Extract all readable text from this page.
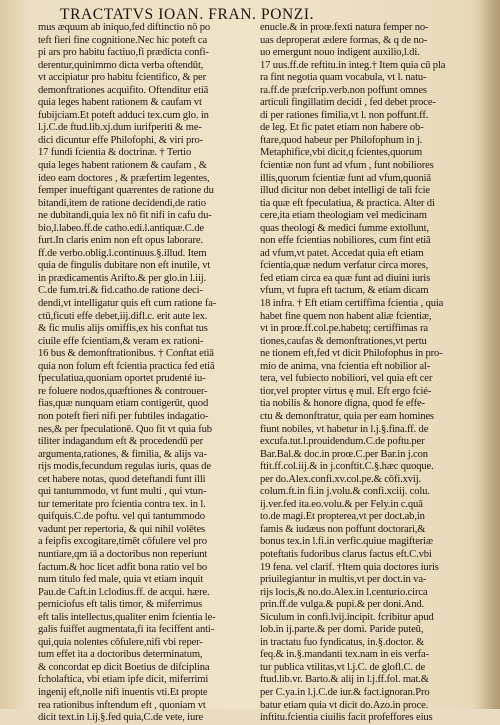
TRACTATVS IOAN. FRAN. PONZI.
mus æquum ab iniquo,fed diftinctio nō po
teft fieri fine cognitione.Nec hic poteft ca
pi ars pro habitu factiuo,fi prædicta confi-
derentur,quinimmo dicta verba oftendūt,
vt accipiatur pro habitu fcientifico, & per
demonftrationes acquifito. Oftenditur etiā
quia leges habent rationem & caufam vt
fubijciam.Et poteft adduci tex.cum glo. in
l.j.C.de ftud.lib.xj.dum iurifperiti & me-
dici dicuntur effe Philofophi, & viri pro-
17 fundi fcientia & doctrinæ. † Tertio
quia leges habent rationem & caufam , &
ideo eam doctores , & præfertim legentes,
femper inueftigant quærentes de ratione du
bitandi,item de ratione decidendi,de ratio
ne dubitandi,quia lex nō fit nifi in cafu du-
bio,l.labeo.ff.de catho.edi.l.antiquæ.C.de
furt.In claris enim non eft opus laborare.
ff.de verbo.oblig.l.continuus.§.illud. Item
quia de fingulis dubitare non eft inutile, vt
in prædicamentis Arifto.& per glo.in l.iij.
C.de fum.tri.& fid.catho.de ratione deci-
dendi,vt intelligatur quis eft cum ratione fa-
ctū,ficuti effe debet,iij.difl.c. erit aute lex.
& fic mulis alijs omiffis,ex his conftat tus
ciuile effe fcientiam,& veram ex rationi-
16 bus & demonftrationibus. † Conftat etiā
quia non folum eft fcientia practica fed etiā
fpeculatiua,quoniam oportet prudenté iu-
re foluere nodos,quæftiones & controuer-
fias,quæ nunquam etiam contigerūt, quod
non poteft fieri nifi per fubtiles indagatio-
nes,& per fpeculationē. Quo fit vt quia fub
tiliter indagandum eft & procedendū per
argumenta,rationes, & fimilia, & alijs va-
rijs modis,fecundum regulas iuris, quas de
cet habere notas, quod deteftandi funt illi
qui tantummodo, vt funt multi , qui vtun-
tur temeritate pro fcientia contra tex. in l.
quifquis.C.de poftu. vel qui tantummodo
vadunt per repertoria, & qui nihil volētes
a feipfis excogitare,timēt cōfulere vel pro
nuntiare,qm iā a doctoribus non reperiunt
factum.& hoc licet adfit bona ratio vel bo
num titulo fed male, quia vt etiam inquit
Pau.de Caft.in l.clodius.ff. de acqui. hære.
perniciofus eft talis timor, & miferrimus
eft talis intellectus,qualiter enim fcientia le-
galis fuiffet augmentata,fi ita feciffent anti-
qui,quia nolentes cōfulere,nifi vbi reper-
tum effet ita a doctoribus determinatum,
& concordat ep dicit Boetius de difciplina
fcholaftica, vbi etiam ipfe dicit, miferrimi
ingenij eft,nolle nifi inuentis vti.Et propte
rea rationibus inftendum eft , quoniam vt
dicit text.in l.ij.§.fed quia,C.de vete, iure
enucle.& in proœ.fexti natura femper no-
uas deproperat ædere formas, & q de no-
uo emergunt nouo indigent auxilio,l.di.
17 uus.ff.de reftitu.in integ.† Item quia cū pla
ra fint negotia quam vocabula, vt l. natu-
ra.ff.de præfcrip.verb.non poffunt omnes
articuli fingillatim decidi , fed debet proce-
di per rationes fimilia,vt l. non poffunt.ff.
de leg. Et fic patet etiam non habere ob-
ftare,quod habeur per Philofophum in j.
Metaphifice,vbi dicit,q fcientes,quorum
fcientiæ non funt ad vfum , funt nobiliores
illis,quorum fcientiæ funt ad vfum,quoniā
illud dicitur non debet intelligi de tali fcie
tia quæ eft fpeculatiua, & practica. Alter di
cere,ita etiam theologiam vel medicinam
quas theologi & medici fumme extollunt,
non effe fcientias nobiliores, cum fint etiā
ad vfum,vt patet. Accedat quia eft etiam
fcientia,quæ nedum verfatur circa mores,
fed etiam circa ea quæ funt ad diuini iuris
vfum, vt fupra eft tactum, & etiam dicam
18 infra. † Eft etiam certiffima fcientia , quia
habet fine quem non habent aliæ fcientiæ,
vt in proœ.ff.col.pe.habetq; certiffimas ra
tiones,caufas & demonftrationes,vt pertu
ne tionem eft,fed vt dicit Philofophus in pro-
mio de anima, vna fcientia eft nobilior al-
tera, vel fubiecto nobiliori, vel quia eft cer
tior,vel propter virtus ę mul. Eft ergo fcié-
tia nobilis & honore digna, quod fe effe-
ctu & demonftratur, quia per eam homines
fiunt nobiles, vt habetur in l.j.§.fina.ff. de
excufa.tut.l.prouidendum.C.de poftu.per
Bar.Bal.& doc.in proœ.C.per Bar.in j.con
ftit.ff.col.iij.& in j.conftit.C.§.hæc quoque.
per do.Alex.confi.xv.col.pe.& cōfi.xvij.
colum.ft.in fi.in j.volu.& confi.xciij. colu.
ij.ver.fed ita.eo.volu.& per Fely.in c.quā
to.de magi.Et propterea,vt per doct.ab,in
famis & iudæus non poffunt doctorari,&
bonus tex.in l.fi.in verfic.quiue magifteriæ
poteftatis fudoribus clarus factus eft.C.vbi
19 fena. vel clarif. †Item quia doctores iuris
priuilegiantur in multis,vt per doct.in va-
rijs locis,& no.do.Alex.in l.centurio.circa
prin.ff.de vulga.& pupi.& per doni.And.
Siculum in confi.lvij.incipit. fcribitur apud
lob.in ij.parte.& per domi. Paride puteū,
in tractatu fuo fyndicatus, in.§.doctor. &
feq.& in.§.mandanti tex.nam in eis verfa-
tur publica vtilitas,vt l.j.C. de glofl.C. de
ftud.lib.vr. Barto.& alij in l.j.ff.fol. mat.&
per C.ya.in l.j.C.de iur.& fact.ignoran.Pro
batur etiam quia vt dicit do.Azo.in proce.
inftitu.fcientia ciuilis facit profeffores eius
